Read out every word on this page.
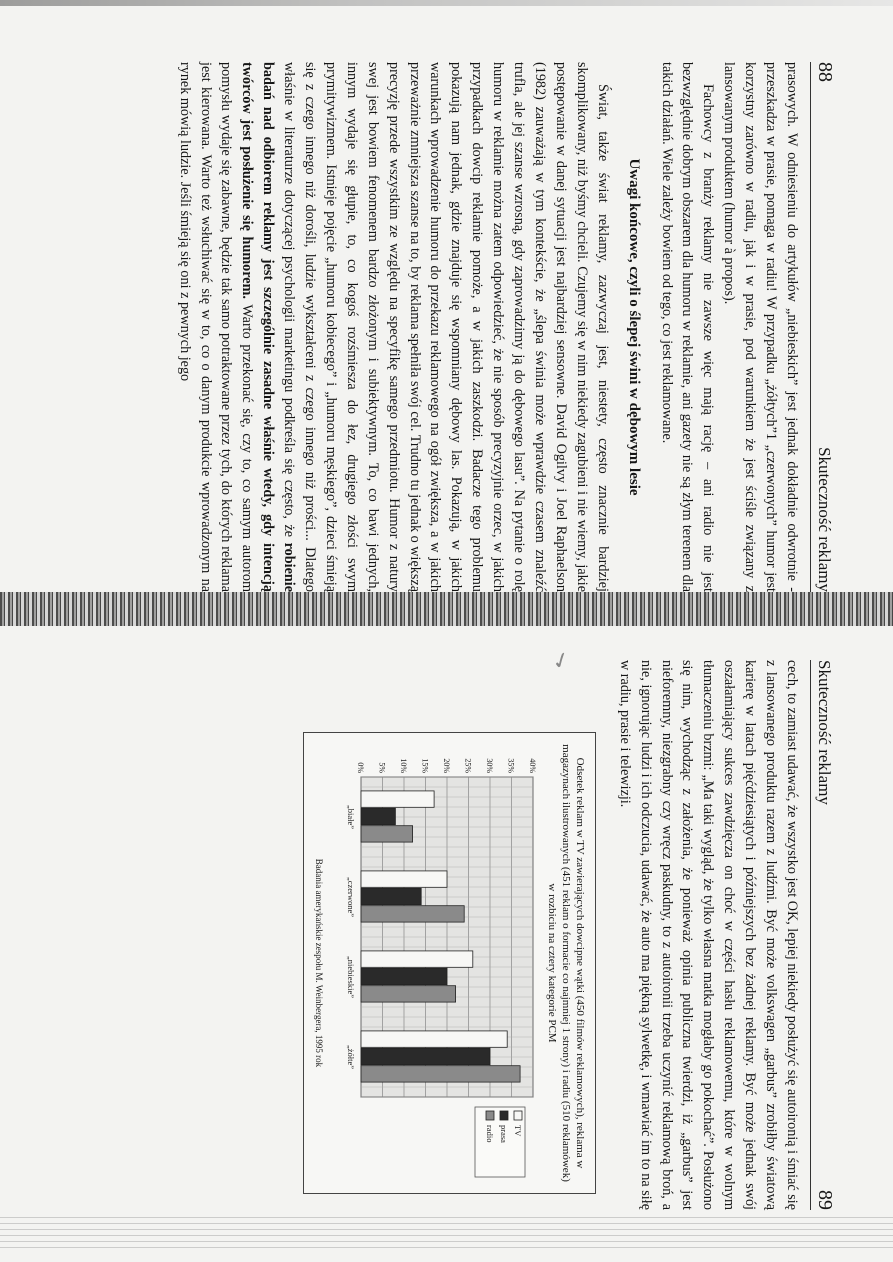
✓
88
Skuteczność reklamy

prasowych. W odniesieniu do artykułów „niebieskich” jest jednak dokładnie odwrotnie - przeszkadza w prasie, pomaga w radiu! W przypadku „żółtych”1 „czerwonych” humor jest korzystny zarówno w radiu, jak i w prasie, pod warunkiem że jest ściśle związany z lansowanym produktem (humor à propos).

Fachowcy z branży reklamy nie zawsze więc mają rację – ani radio nie jest bezwzględnie dobrym obszarem dla humoru w reklamie, ani gazety nie są złym terenem dla takich działań. Wiele zależy bowiem od tego, co jest reklamowane.

Uwagi końcowe, czyli o ślepej świni w dębowym lesie

Świat, także świat reklamy, zazwyczaj jest, niestety, często znacznie bardziej skomplikowany, niż byśmy chcieli. Czujemy się w nim niekiedy zagubieni i nie wiemy, jakie postępowanie w danej sytuacji jest najbardziej sensowne. David Ogilvy i Joel Raphaelson (1982) zauważają w tym kontekście, że „ślepa świnia może wprawdzie czasem znaleźć trufla, ale jej szanse wzrosną, gdy zaprowadzimy ją do dębowego lasu”. Na pytanie o rolę humoru w reklamie można zatem odpowiedzieć, że nie sposób precyzyjnie orzec, w jakich przypadkach dowcip reklamie pomoże, a w jakich zaszkodzi. Badacze tego problemu pokazują nam jednak, gdzie znajduje się wspomniany dębowy las. Pokazują, w jakich warunkach wprowadzenie humoru do przekazu reklamowego na ogół zwiększa, a w jakich przeważnie zmniejsza szanse na to, by reklama spełniła swój cel. Trudno tu jednak o większą precyzję przede wszystkim ze względu na specyfikę samego przedmiotu. Humor z natury swej jest bowiem fenomenem bardzo złożonym i subiektywnym. To, co bawi jednych, innym wydaje się głupie, to, co kogoś rozśmiesza do łez, drugiego złości swym prymitywizmem. Istnieje pojęcie „humoru kobiecego” i „humoru męskiego”, dzieci śmieją się z czego innego niż dorośli, ludzie wykształceni z czego innego niż prości... Dlatego właśnie w literaturze dotyczącej psychologii marketingu podkreśla się często, że robienie badań nad odbiorem reklamy jest szczególnie zasadne właśnie wtedy, gdy intencją twórców jest posłużenie się humorem. Warto przekonać się, czy to, co samym autorom pomysłu wydaje się zabawne, będzie tak samo potraktowane przez tych, do których reklama jest kierowana. Warto też wsłuchiwać się w to, co o danym produkcie wprowadzonym na rynek mówią ludzie. Jeśli śmieją się oni z pewnych jego

Skuteczność reklamy
89

cech, to zamiast udawać, że wszystko jest OK, lepiej niekiedy posłużyć się autoironią i śmiać się z lansowanego produktu razem z ludźmi. Być może volkswagen „garbus” zrobiłby światową karierę w latach pięćdziesiątych i późniejszych bez żadnej reklamy. Być może jednak swój oszałamiający sukces zawdzięcza on choć w części hasłu reklamowemu, które w wolnym tłumaczeniu brzmi: „Ma taki wygląd, że tylko własna matka mogłaby go pokochać”. Posłużono się nim, wychodząc z założenia, że ponieważ opinia publiczna twierdzi, iż „garbus” jest nieforemny, niezgrabny czy wręcz paskudny, to z autoironii trzeba uczynić reklamową broń, a nie, ignorując ludzi i ich odczucia, udawać, że auto ma piękną sylwetkę, i wmawiać im to na siłę w radiu, prasie i telewizji.

Odsetek reklam w TV zawierających dowcipne wątki (450 filmów reklamowych), reklama w magazynach ilustrowanych (451 reklam o formacie co najmniej 1 strony) i radiu (510 reklamówek) w rozbiciu na cztery kategorie PCM
0% 5% 10% 15% 20% 25% 30% 35% 40%
„białe”
„czerwone”
„niebieskie”
„żółte”
TV
prasa
radio
Badania amerykańskie zespołu M. Weinbergera, 1995 rok
